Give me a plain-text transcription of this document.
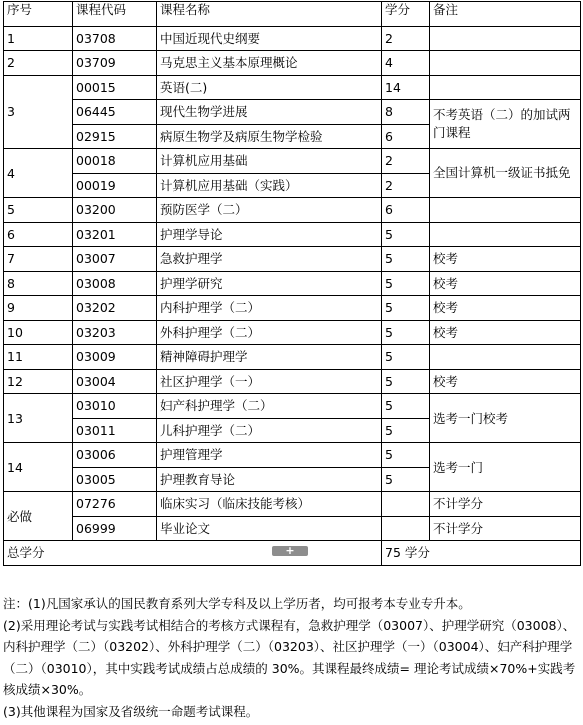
序号	课程代码	课程名称	学分	备注
1	03708	中国近现代史纲要	2	
2	03709	马克思主义基本原理概论	4	
3	00015	英语(二)	14	
	06445	现代生物学进展	8	不考英语（二）的加试两门课程
	02915	病原生物学及病原生物学检验	6	
4	00018	计算机应用基础	2	全国计算机一级证书抵免
	00019	计算机应用基础（实践）	2	
5	03200	预防医学（二）	6	
6	03201	护理学导论	5	
7	03007	急救护理学	5	校考
8	03008	护理学研究	5	校考
9	03202	内科护理学（二）	5	校考
10	03203	外科护理学（二）	5	校考
11	03009	精神障碍护理学	5	
12	03004	社区护理学（一）	5	校考
13	03010	妇产科护理学（二）	5	选考一门校考
	03011	儿科护理学（二）	5	
14	03006	护理管理学	5	选考一门
	03005	护理教育导论	5	
必做	07276	临床实习（临床技能考核）		不计学分
	06999	毕业论文		不计学分
总学分			75 学分	
+

注：(1)凡国家承认的国民教育系列大学专科及以上学历者，均可报考本专业专升本。

(2)采用理论考试与实践考试相结合的考核方式课程有，急救护理学（03007）、护理学研究（03008）、内科护理学（二）（03202）、外科护理学（二）（03203）、社区护理学（一）（03004）、妇产科护理学（二）（03010），其中实践考试成绩占总成绩的 30%。其课程最终成绩= 理论考试成绩×70%+实践考核成绩×30%。

(3)其他课程为国家及省级统一命题考试课程。
